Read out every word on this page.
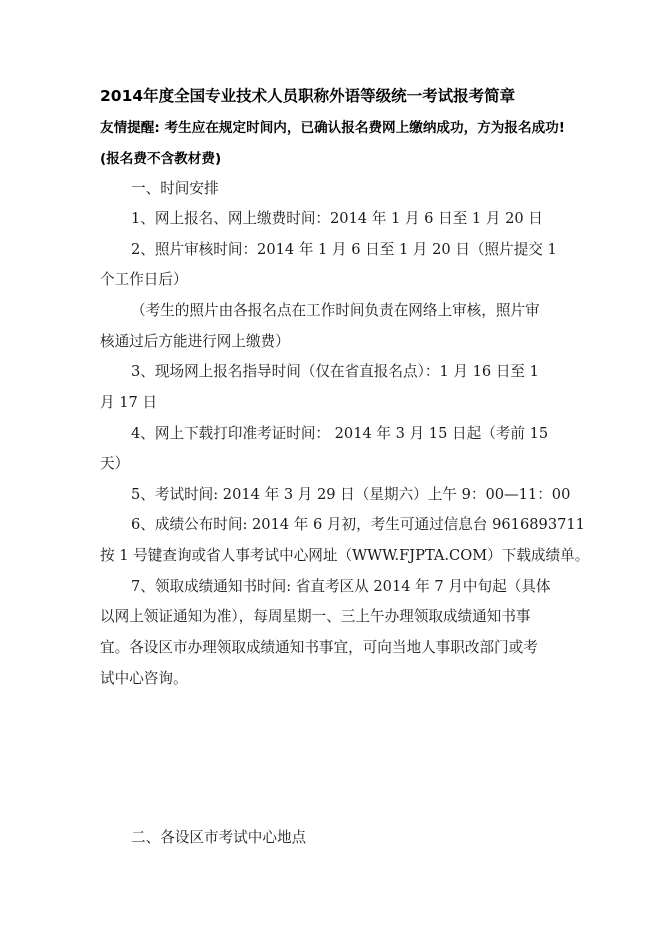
2014年度全国专业技术人员职称外语等级统一考试报考简章
友情提醒: 考生应在规定时间内，已确认报名费网上缴纳成功，方为报名成功!
(报名费不含教材费)
一、时间安排
1、网上报名、网上缴费时间：2014 年 1 月 6 日至 1 月 20 日
2、照片审核时间：2014 年 1 月 6 日至 1 月 20 日（照片提交 1
个工作日后）
（考生的照片由各报名点在工作时间负责在网络上审核，照片审
核通过后方能进行网上缴费）
3、现场网上报名指导时间（仅在省直报名点）：1 月 16 日至 1
月 17 日
4、网上下载打印准考证时间： 2014 年 3 月 15 日起（考前 15
天）
5、考试时间: 2014 年 3 月 29 日（星期六）上午 9：00—11：00
6、成绩公布时间: 2014 年 6 月初，考生可通过信息台 9616893711
按 1 号键查询或省人事考试中心网址（WWW.FJPTA.COM）下载成绩单。
7、领取成绩通知书时间: 省直考区从 2014 年 7 月中旬起（具体
以网上领证通知为准），每周星期一、三上午办理领取成绩通知书事
宜。各设区市办理领取成绩通知书事宜，可向当地人事职改部门或考
试中心咨询。
二、各设区市考试中心地点
